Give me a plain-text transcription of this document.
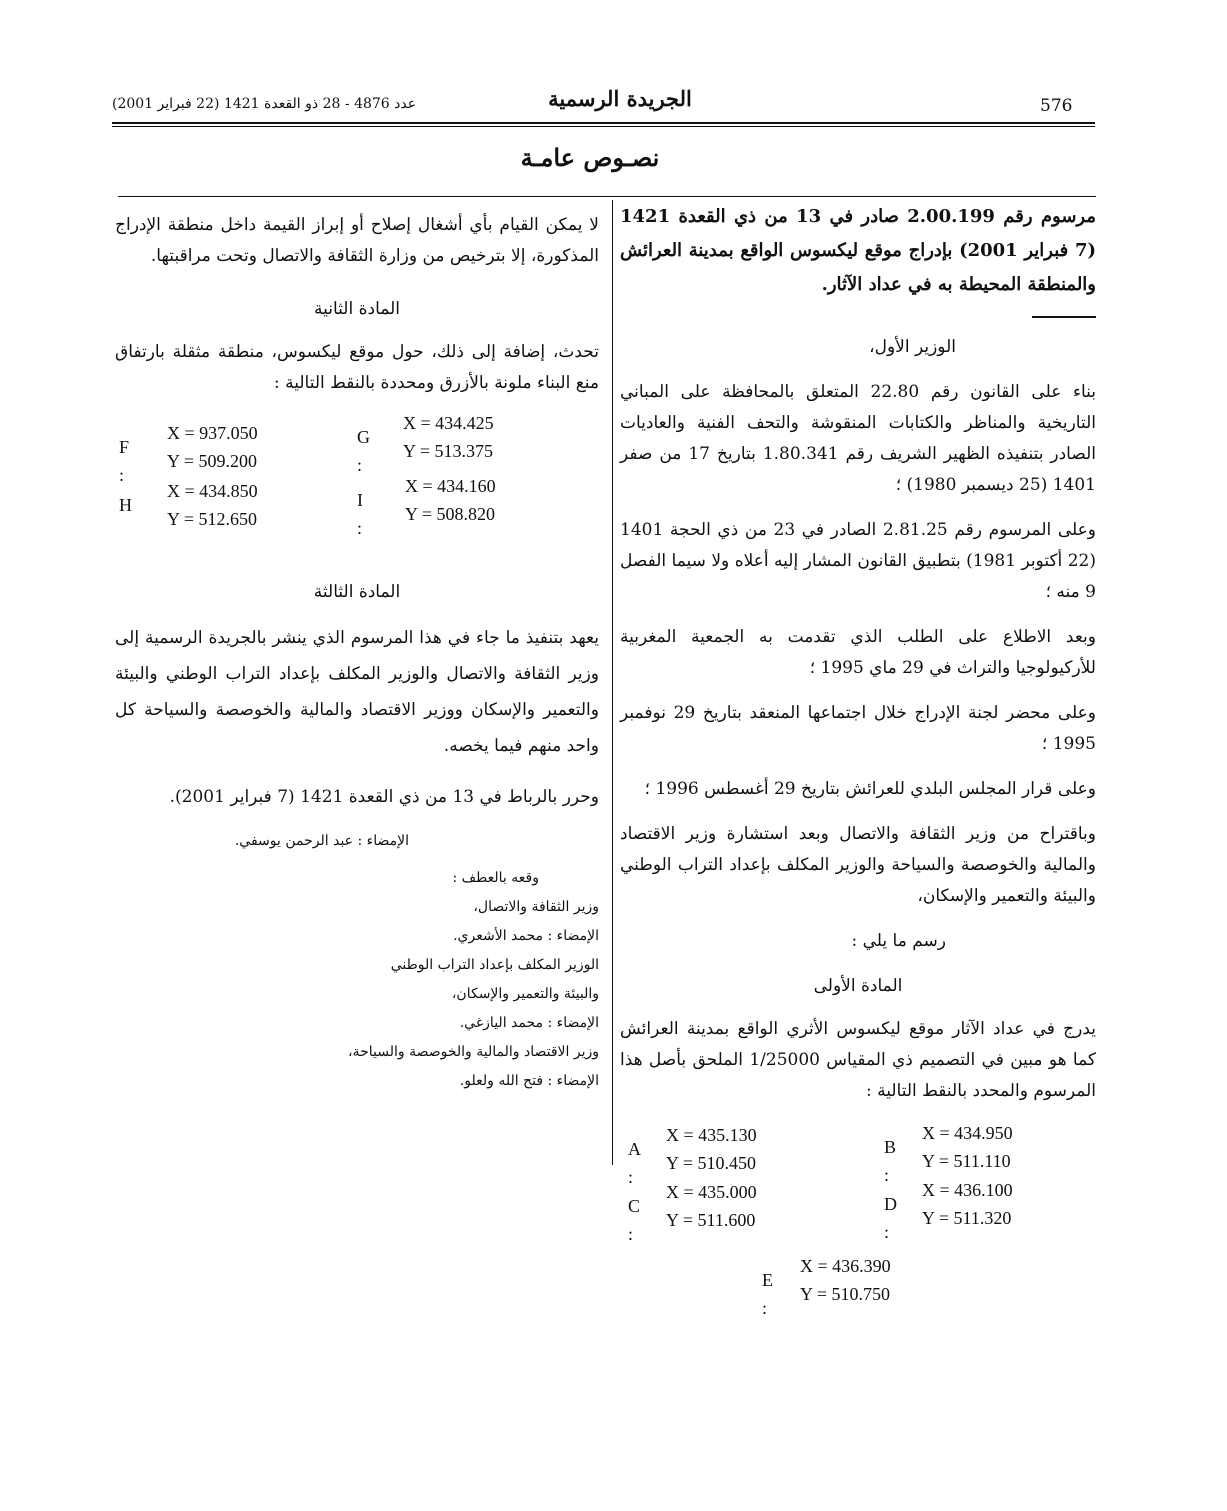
576
الجريدة الرسمية
عدد 4876 - 28 ذو القعدة 1421 (22 فبراير 2001)
نصـوص عامـة

مرسوم رقم 2.00.199 صادر في 13 من ذي القعدة 1421 (7 فبراير 2001) بإدراج موقع ليكسوس الواقع بمدينة العرائش والمنطقة المحيطة به في عداد الآثار.

الوزير الأول،

بناء على القانون رقم 22.80 المتعلق بالمحافظة على المباني التاريخية والمناظر والكتابات المنقوشة والتحف الفنية والعاديات الصادر بتنفيذه الظهير الشريف رقم 1.80.341 بتاريخ 17 من صفر 1401 (25 ديسمبر 1980) ؛

وعلى المرسوم رقم 2.81.25 الصادر في 23 من ذي الحجة 1401 (22 أكتوبر 1981) بتطبيق القانون المشار إليه أعلاه ولا سيما الفصل 9 منه ؛

وبعد الاطلاع على الطلب الذي تقدمت به الجمعية المغربية للأركيولوجيا والتراث في 29 ماي 1995 ؛

وعلى محضر لجنة الإدراج خلال اجتماعها المنعقد بتاريخ 29 نوفمبر 1995 ؛

وعلى قرار المجلس البلدي للعرائش بتاريخ 29 أغسطس 1996 ؛

وباقتراح من وزير الثقافة والاتصال وبعد استشارة وزير الاقتصاد والمالية والخوصصة والسياحة والوزير المكلف بإعداد التراب الوطني والبيئة والتعمير والإسكان،

رسم ما يلي :

المادة الأولى

يدرج في عداد الآثار موقع ليكسوس الأثري الواقع بمدينة العرائش كما هو مبين في التصميم ذي المقياس 1/25000 الملحق بأصل هذا المرسوم والمحدد بالنقط التالية :

A :
X = 435.130
Y = 510.450
B :
X = 434.950
Y = 511.110
C :
X = 435.000
Y = 511.600
D :
X = 436.100
Y = 511.320
E :
X = 436.390
Y = 510.750

لا يمكن القيام بأي أشغال إصلاح أو إبراز القيمة داخل منطقة الإدراج المذكورة، إلا بترخيص من وزارة الثقافة والاتصال وتحت مراقبتها.

المادة الثانية

تحدث، إضافة إلى ذلك، حول موقع ليكسوس، منطقة مثقلة بارتفاق منع البناء ملونة بالأزرق ومحددة بالنقط التالية :

F :
X = 937.050
Y = 509.200
G :
X = 434.425
Y = 513.375
H
X = 434.850
Y = 512.650
I :
X = 434.160
Y = 508.820

المادة الثالثة

يعهد بتنفيذ ما جاء في هذا المرسوم الذي ينشر بالجريدة الرسمية إلى وزير الثقافة والاتصال والوزير المكلف بإعداد التراب الوطني والبيئة والتعمير والإسكان ووزير الاقتصاد والمالية والخوصصة والسياحة كل واحد منهم فيما يخصه.

وحرر بالرباط في 13 من ذي القعدة 1421 (7 فبراير 2001).

الإمضاء : عبد الرحمن يوسفي.

وقعه بالعطف :

وزير الثقافة والاتصال،

الإمضاء : محمد الأشعري.

الوزير المكلف بإعداد التراب الوطني

والبيئة والتعمير والإسكان،

الإمضاء : محمد اليازغي.

وزير الاقتصاد والمالية والخوصصة والسياحة،

الإمضاء : فتح الله ولعلو.
